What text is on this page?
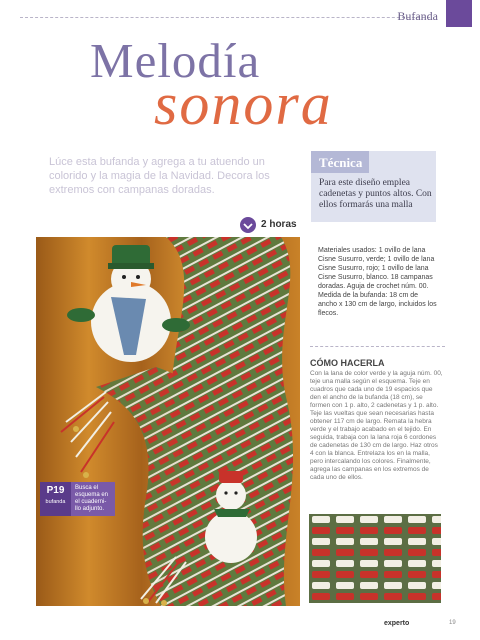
Bufanda
Melodía
sonora
Lúce esta bufanda y agrega a tu atuendo un colorido y la magia de la Navidad. Decora los extremos con campanas doradas.
Técnica
Para este diseño emplea cadenetas y puntos altos. Con ellos formarás una malla
2 horas
P19
bufanda
Busca el esquema en el cuaderni-llo adjunto.
Materiales usados: 1 ovillo de lana Cisne Susurro, verde; 1 ovillo de lana Cisne Susurro, rojo; 1 ovillo de lana Cisne Susurro, blanco. 18 campanas doradas. Aguja de crochet núm. 00. Medida de la bufanda: 18 cm de ancho x 130 cm de largo, incluidos los flecos.
CÓMO HACERLA
Con la lana de color verde y la aguja núm. 00, teje una malla según el esquema. Teje en cuadros que cada uno de 19 espacios que den el ancho de la bufanda (18 cm), se formen con 1 p. alto, 2 cadenetas y 1 p. alto. Teje las vueltas que sean necesarias hasta obtener 117 cm de largo. Remata la hebra verde y el trabajo acabado en el tejido. En seguida, trabaja con la lana roja 6 cordones de cadenetas de 130 cm de largo. Haz otros 4 con la blanca. Entrelaza los en la malla, pero intercalando los colores. Finalmente, agrega las campanas en los extremos de cada uno de ellos.
experto	19
